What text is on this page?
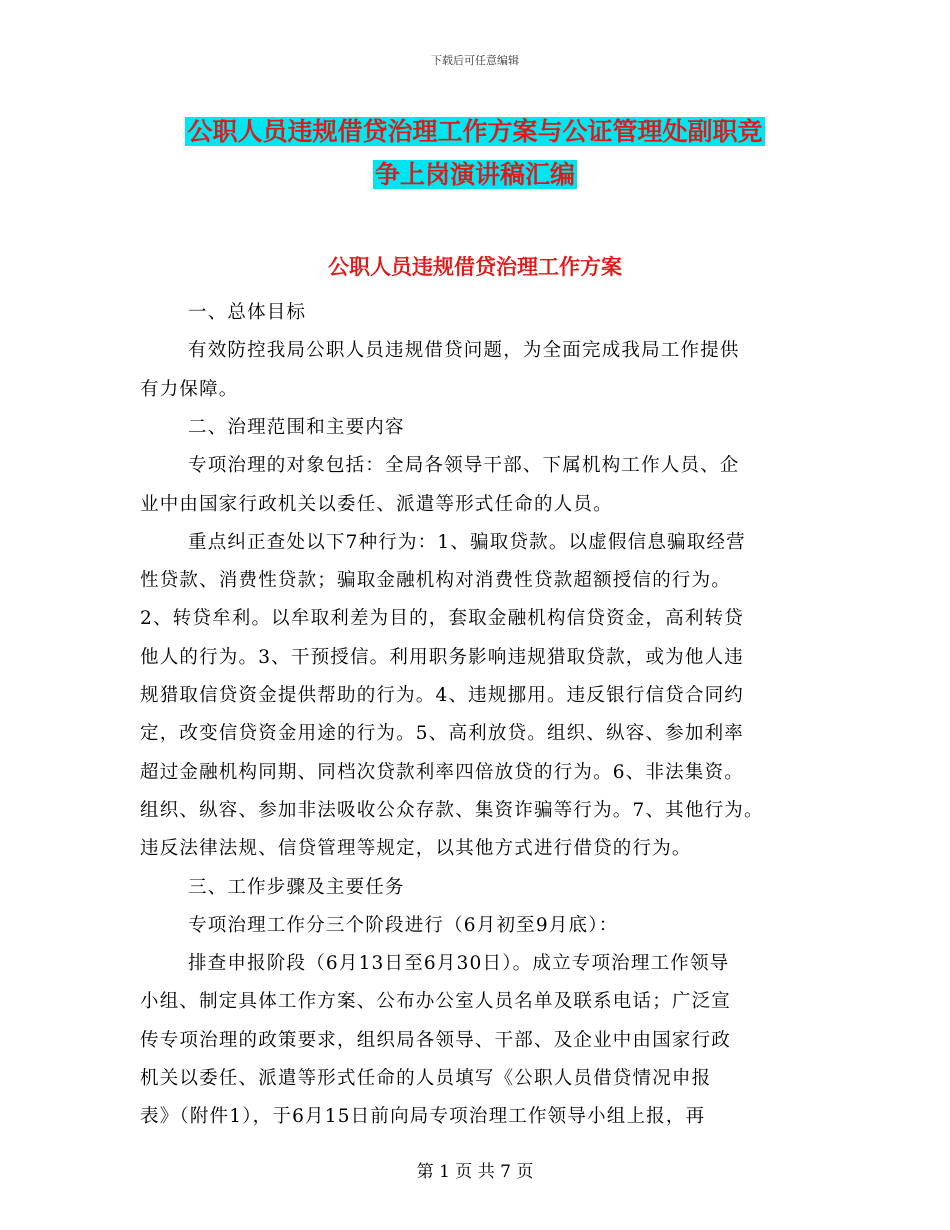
下载后可任意编辑
公职人员违规借贷治理工作方案与公证管理处副职竞
争上岗演讲稿汇编
公职人员违规借贷治理工作方案
一、总体目标
有效防控我局公职人员违规借贷问题，为全面完成我局工作提供
有力保障。
二、治理范围和主要内容
专项治理的对象包括：全局各领导干部、下属机构工作人员、企
业中由国家行政机关以委任、派遣等形式任命的人员。
重点纠正查处以下7种行为：1、骗取贷款。以虚假信息骗取经营
性贷款、消费性贷款；骗取金融机构对消费性贷款超额授信的行为。
2、转贷牟利。以牟取利差为目的，套取金融机构信贷资金，高利转贷
他人的行为。3、干预授信。利用职务影响违规猎取贷款，或为他人违
规猎取信贷资金提供帮助的行为。4、违规挪用。违反银行信贷合同约
定，改变信贷资金用途的行为。5、高利放贷。组织、纵容、参加利率
超过金融机构同期、同档次贷款利率四倍放贷的行为。6、非法集资。
组织、纵容、参加非法吸收公众存款、集资诈骗等行为。7、其他行为。
违反法律法规、信贷管理等规定，以其他方式进行借贷的行为。
三、工作步骤及主要任务
专项治理工作分三个阶段进行（6月初至9月底）：
排查申报阶段（6月13日至6月30日）。成立专项治理工作领导
小组、制定具体工作方案、公布办公室人员名单及联系电话；广泛宣
传专项治理的政策要求，组织局各领导、干部、及企业中由国家行政
机关以委任、派遣等形式任命的人员填写《公职人员借贷情况申报
表》（附件1），于6月15日前向局专项治理工作领导小组上报，再
第 1 页 共 7 页
